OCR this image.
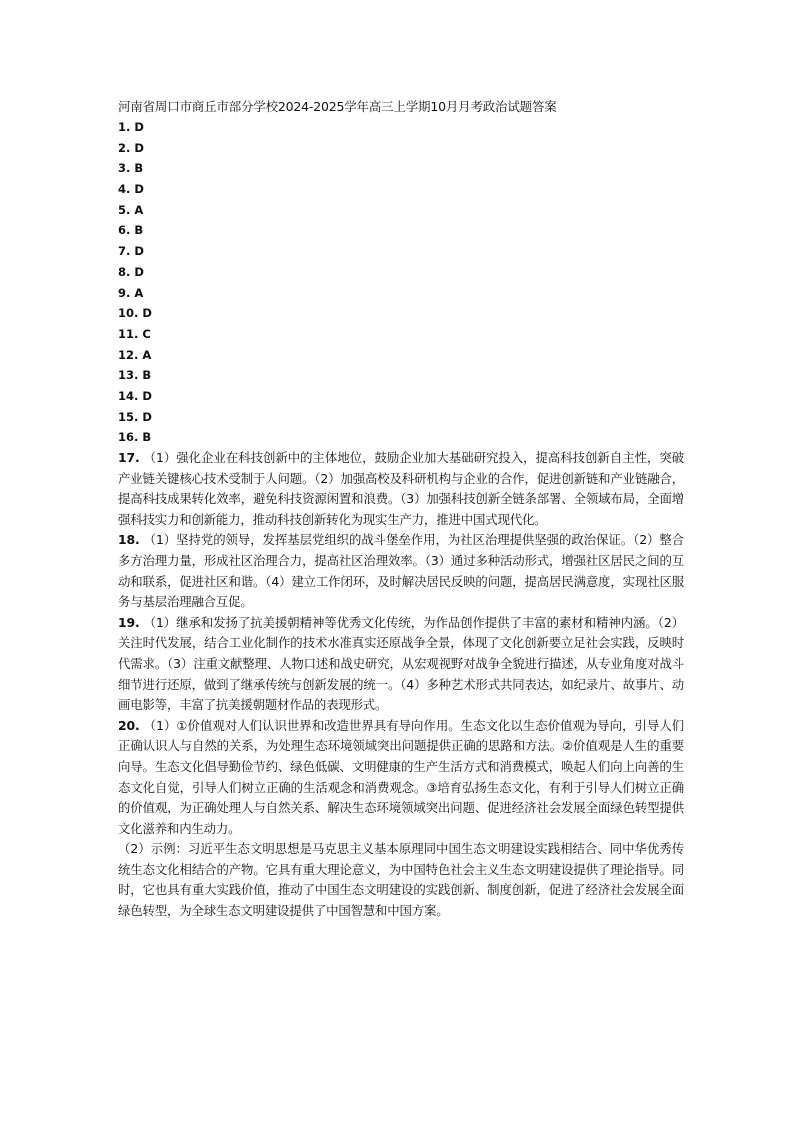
河南省周口市商丘市部分学校2024-2025学年高三上学期10月月考政治试题答案
1. D
2. D
3. B
4. D
5. A
6. B
7. D
8. D
9. A
10. D
11. C
12. A
13. B
14. D
15. D
16. B

17. （1）强化企业在科技创新中的主体地位，鼓励企业加大基础研究投入，提高科技创新自主性，突破产业链关键核心技术受制于人问题。（2）加强高校及科研机构与企业的合作，促进创新链和产业链融合，提高科技成果转化效率，避免科技资源闲置和浪费。（3）加强科技创新全链条部署、全领域布局，全面增强科技实力和创新能力，推动科技创新转化为现实生产力，推进中国式现代化。

18. （1）坚持党的领导，发挥基层党组织的战斗堡垒作用，为社区治理提供坚强的政治保证。（2）整合多方治理力量，形成社区治理合力，提高社区治理效率。（3）通过多种活动形式，增强社区居民之间的互动和联系，促进社区和谐。（4）建立工作闭环，及时解决居民反映的问题，提高居民满意度，实现社区服务与基层治理融合互促。

19. （1）继承和发扬了抗美援朝精神等优秀文化传统，为作品创作提供了丰富的素材和精神内涵。（2）关注时代发展，结合工业化制作的技术水准真实还原战争全景，体现了文化创新要立足社会实践，反映时代需求。（3）注重文献整理、人物口述和战史研究，从宏观视野对战争全貌进行描述，从专业角度对战斗细节进行还原，做到了继承传统与创新发展的统一。（4）多种艺术形式共同表达，如纪录片、故事片、动画电影等，丰富了抗美援朝题材作品的表现形式。

20. （1）①价值观对人们认识世界和改造世界具有导向作用。生态文化以生态价值观为导向，引导人们正确认识人与自然的关系，为处理生态环境领域突出问题提供正确的思路和方法。②价值观是人生的重要向导。生态文化倡导勤俭节约、绿色低碳、文明健康的生产生活方式和消费模式，唤起人们向上向善的生态文化自觉，引导人们树立正确的生活观念和消费观念。③培育弘扬生态文化，有利于引导人们树立正确的价值观，为正确处理人与自然关系、解决生态环境领域突出问题、促进经济社会发展全面绿色转型提供文化滋养和内生动力。

（2）示例：习近平生态文明思想是马克思主义基本原理同中国生态文明建设实践相结合、同中华优秀传统生态文化相结合的产物。它具有重大理论意义，为中国特色社会主义生态文明建设提供了理论指导。同时，它也具有重大实践价值，推动了中国生态文明建设的实践创新、制度创新，促进了经济社会发展全面绿色转型，为全球生态文明建设提供了中国智慧和中国方案。
